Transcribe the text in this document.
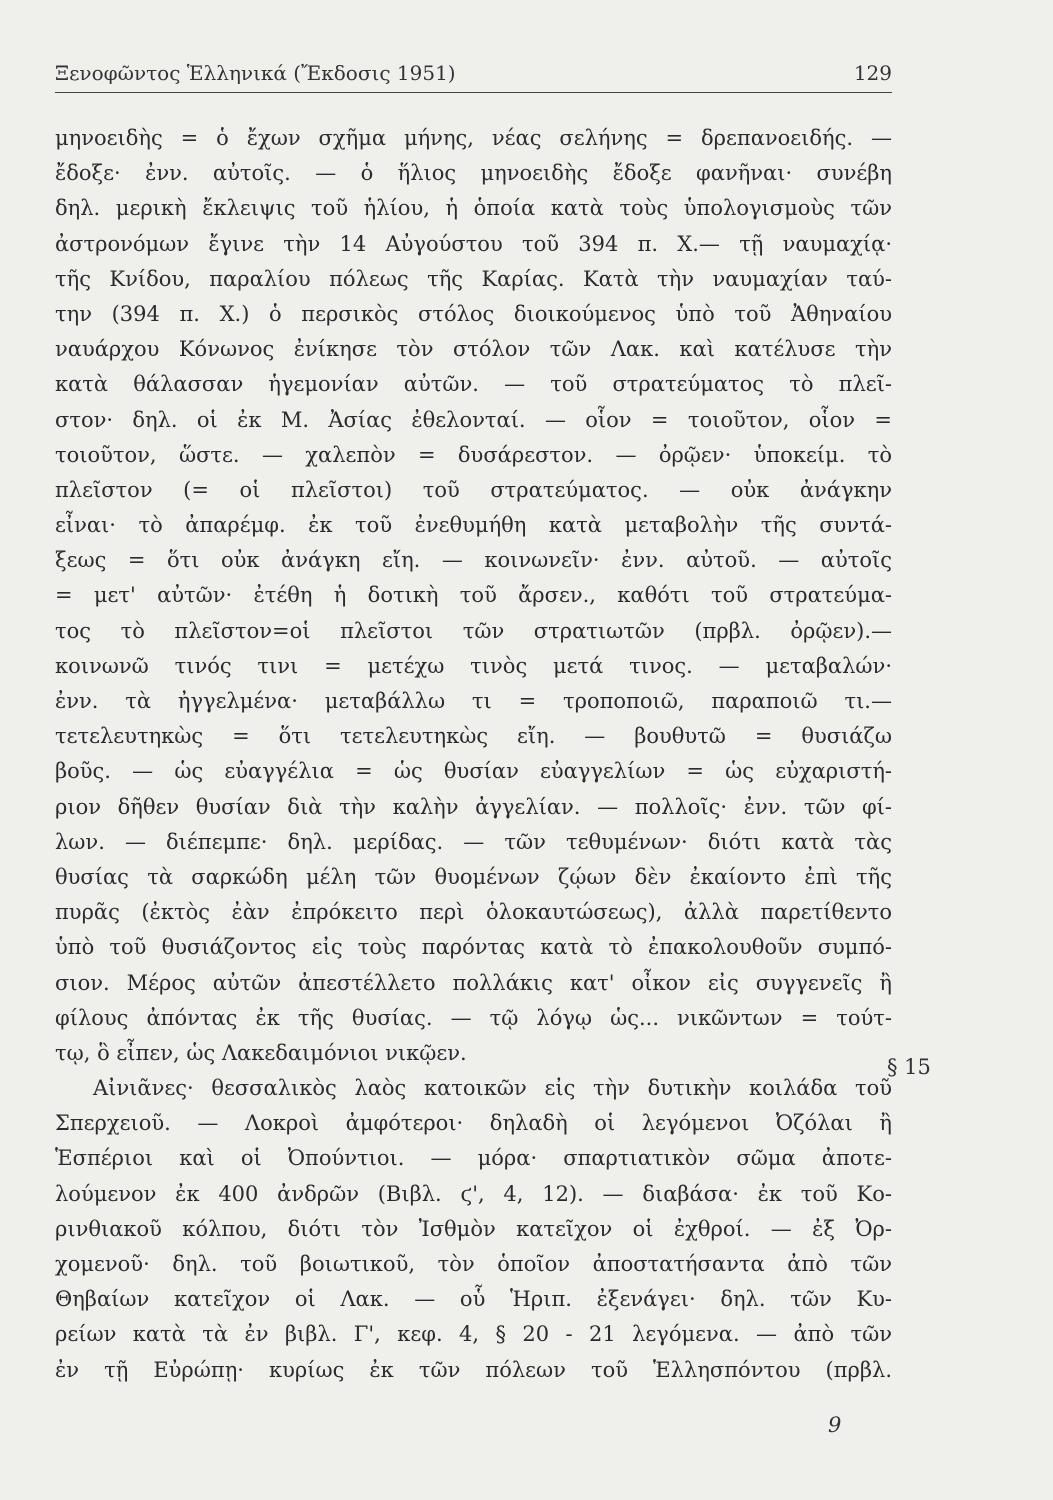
Ξενοφῶντος Ἑλληνικά (Ἔκδοσις 1951)	129
μηνοειδὴς = ὁ ἔχων σχῆμα μήνης, νέας σελήνης = δρεπανοειδής. —
ἔδοξε· ἐνν. αὐτοῖς. — ὁ ἥλιος μηνοειδὴς ἔδοξε φανῆναι· συνέβη
δηλ. μερικὴ ἔκλειψις τοῦ ἡλίου, ἡ ὁποία κατὰ τοὺς ὑπολογισμοὺς τῶν
ἀστρονόμων ἔγινε τὴν 14 Αὐγούστου τοῦ 394 π. Χ.— τῇ ναυμαχίᾳ·
τῆς Κνίδου, παραλίου πόλεως τῆς Καρίας. Κατὰ τὴν ναυμαχίαν ταύ-
την (394 π. Χ.) ὁ περσικὸς στόλος διοικούμενος ὑπὸ τοῦ Ἀθηναίου
ναυάρχου Κόνωνος ἐνίκησε τὸν στόλον τῶν Λακ. καὶ κατέλυσε τὴν
κατὰ θάλασσαν ἡγεμονίαν αὐτῶν. — τοῦ στρατεύματος τὸ πλεῖ-
στον· δηλ. οἱ ἐκ Μ. Ἀσίας ἐθελονταί. — οἷον = τοιοῦτον, οἷον =
τοιοῦτον, ὥστε. — χαλεπὸν = δυσάρεστον. — ὀρῷεν· ὑποκείμ. τὸ
πλεῖστον (= οἱ πλεῖστοι) τοῦ στρατεύματος. — οὐκ ἀνάγκην
εἶναι· τὸ ἀπαρέμφ. ἐκ τοῦ ἐνεθυμήθη κατὰ μεταβολὴν τῆς συντά-
ξεως = ὅτι οὐκ ἀνάγκη εἴη. — κοινωνεῖν· ἐνν. αὐτοῦ. — αὐτοῖς
= μετ' αὐτῶν· ἐτέθη ἡ δοτικὴ τοῦ ἄρσεν., καθότι τοῦ στρατεύμα-
τος τὸ πλεῖστον=οἱ πλεῖστοι τῶν στρατιωτῶν (πρβλ. ὀρῷεν).—
κοινωνῶ τινός τινι = μετέχω τινὸς μετά τινος. — μεταβαλών·
ἐνν. τὰ ἠγγελμένα· μεταβάλλω τι = τροποποιῶ, παραποιῶ τι.—
τετελευτηκὼς = ὅτι τετελευτηκὼς εἴη. — βουθυτῶ = θυσιάζω
βοῦς. — ὡς εὐαγγέλια = ὡς θυσίαν εὐαγγελίων = ὡς εὐχαριστή-
ριον δῆθεν θυσίαν διὰ τὴν καλὴν ἀγγελίαν. — πολλοῖς· ἐνν. τῶν φί-
λων. — διέπεμπε· δηλ. μερίδας. — τῶν τεθυμένων· διότι κατὰ τὰς
θυσίας τὰ σαρκώδη μέλη τῶν θυομένων ζῴων δὲν ἐκαίοντο ἐπὶ τῆς
πυρᾶς (ἐκτὸς ἐὰν ἐπρόκειτο περὶ ὁλοκαυτώσεως), ἀλλὰ παρετίθεντο
ὑπὸ τοῦ θυσιάζοντος εἰς τοὺς παρόντας κατὰ τὸ ἐπακολουθοῦν συμπό-
σιον. Μέρος αὐτῶν ἀπεστέλλετο πολλάκις κατ' οἶκον εἰς συγγενεῖς ἢ
φίλους ἀπόντας ἐκ τῆς θυσίας. — τῷ λόγῳ ὡς... νικῶντων = τούτ-
τῳ, ὃ εἶπεν, ὡς Λακεδαιμόνιοι νικῷεν.
Αἰνιᾶνες· θεσσαλικὸς λαὸς κατοικῶν εἰς τὴν δυτικὴν κοιλάδα τοῦ
Σπερχειοῦ. — Λοκροὶ ἀμφότεροι· δηλαδὴ οἱ λεγόμενοι Ὀζόλαι ἢ
Ἑσπέριοι καὶ οἱ Ὀπούντιοι. — μόρα· σπαρτιατικὸν σῶμα ἀποτε-
λούμενον ἐκ 400 ἀνδρῶν (Βιβλ. ϛ', 4, 12). — διαβάσα· ἐκ τοῦ Κο-
ρινθιακοῦ κόλπου, διότι τὸν Ἰσθμὸν κατεῖχον οἱ ἐχθροί. — ἐξ Ὀρ-
χομενοῦ· δηλ. τοῦ βοιωτικοῦ, τὸν ὁποῖον ἀποστατήσαντα ἀπὸ τῶν
Θηβαίων κατεῖχον οἱ Λακ. — οὗ Ἡριπ. ἐξενάγει· δηλ. τῶν Κυ-
ρείων κατὰ τὰ ἐν βιβλ. Γ', κεφ. 4, § 20 - 21 λεγόμενα. — ἀπὸ τῶν
ἐν τῇ Εὐρώπῃ· κυρίως ἐκ τῶν πόλεων τοῦ Ἑλλησπόντου (πρβλ.
§ 15
9
